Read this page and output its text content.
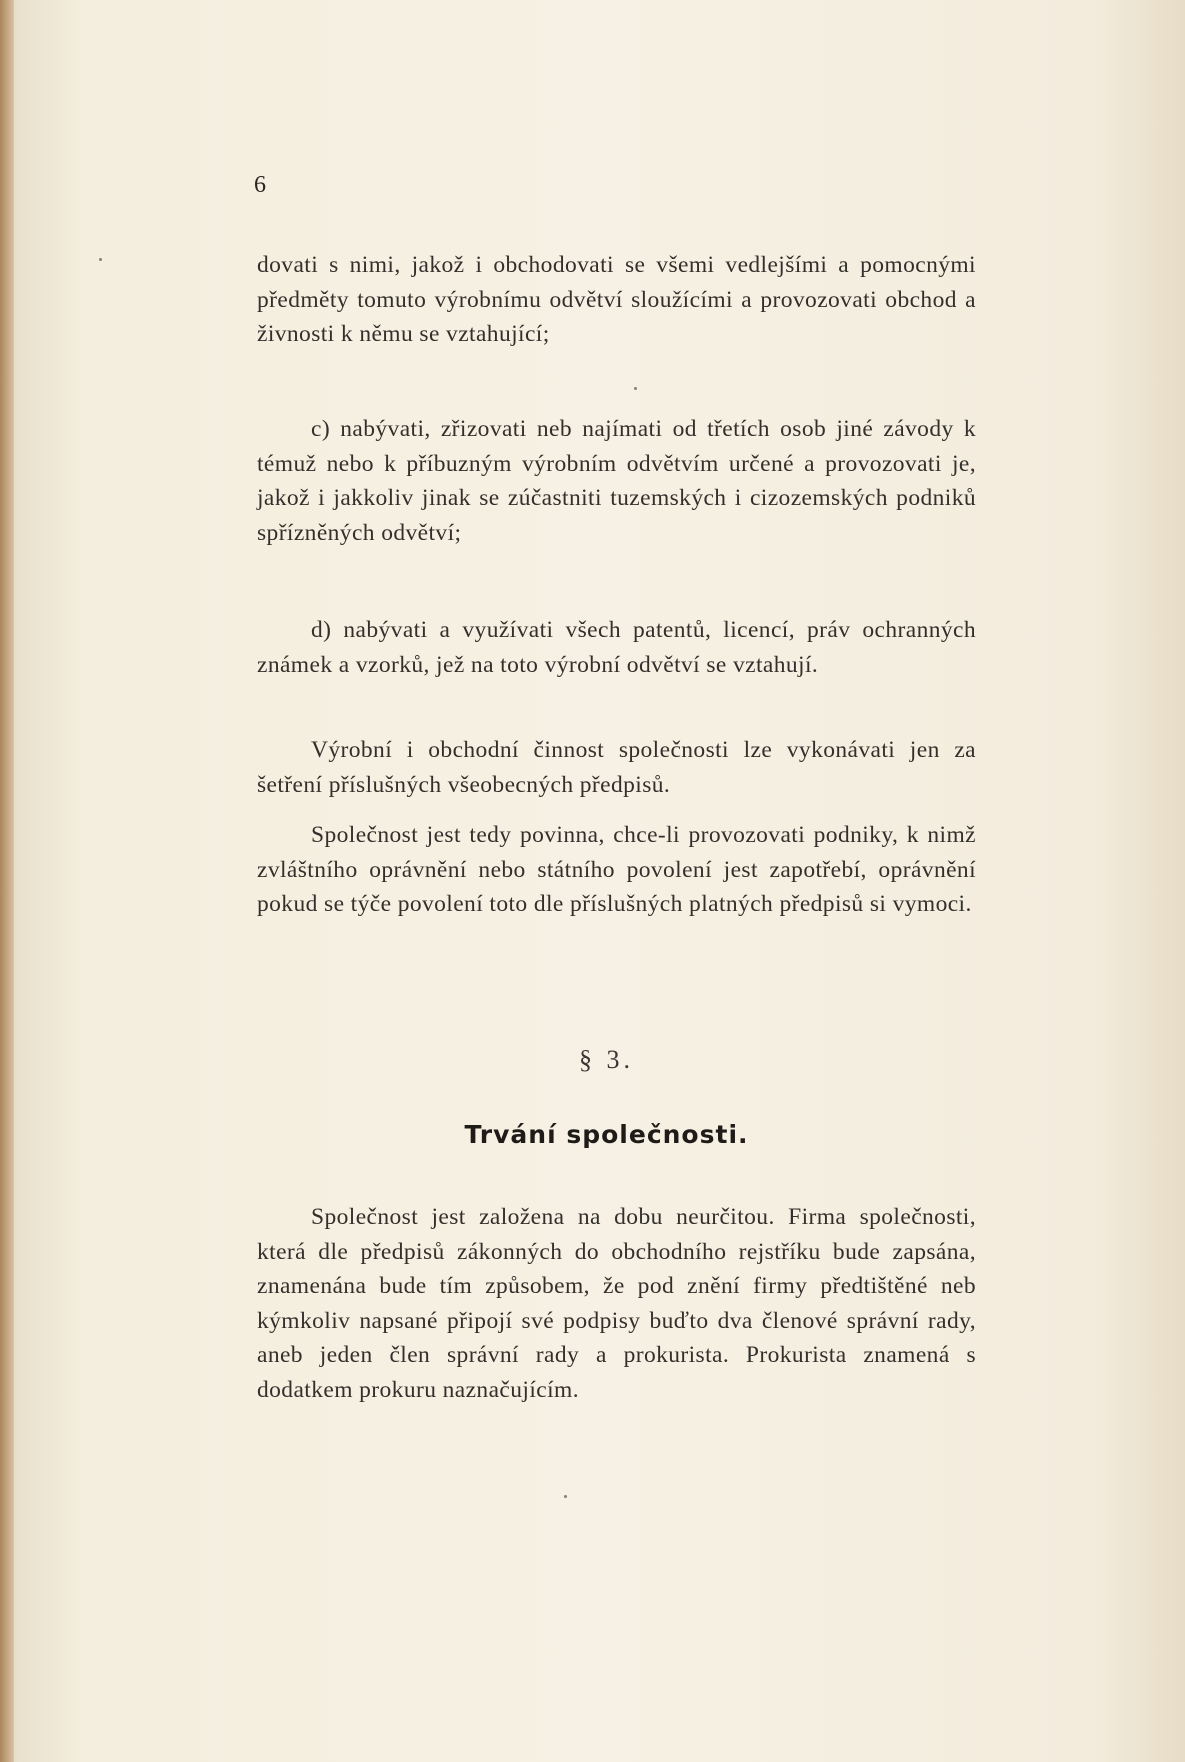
6

dovati s nimi, jakož i obchodovati se všemi vedlejšími a pomocnými předměty tomuto výrobnímu odvětví sloužícími a provozovati obchod a živnosti k němu se vztahující;

c) nabývati, zřizovati neb najímati od třetích osob jiné závody k témuž nebo k příbuzným výrobním odvětvím určené a provozovati je, jakož i jakkoliv jinak se zúčastniti tuzemských i cizozemských podniků spřízněných odvětví;

d) nabývati a využívati všech patentů, licencí, práv ochranných známek a vzorků, jež na toto výrobní odvětví se vztahují.

Výrobní i obchodní činnost společnosti lze vykonávati jen za šetření příslušných všeobecných předpisů.

Společnost jest tedy povinna, chce-li provozovati podniky, k nimž zvláštního oprávnění nebo státního povolení jest zapotřebí, oprávnění pokud se týče povolení toto dle příslušných platných předpisů si vymoci.

§ 3.
Trvání společnosti.

Společnost jest založena na dobu neurčitou. Firma společnosti, která dle předpisů zákonných do obchodního rejstříku bude zapsána, znamenána bude tím způsobem, že pod znění firmy předtištěné neb kýmkoliv napsané připojí své podpisy buďto dva členové správní rady, aneb jeden člen správní rady a prokurista. Prokurista znamená s dodatkem prokuru naznačujícím.
